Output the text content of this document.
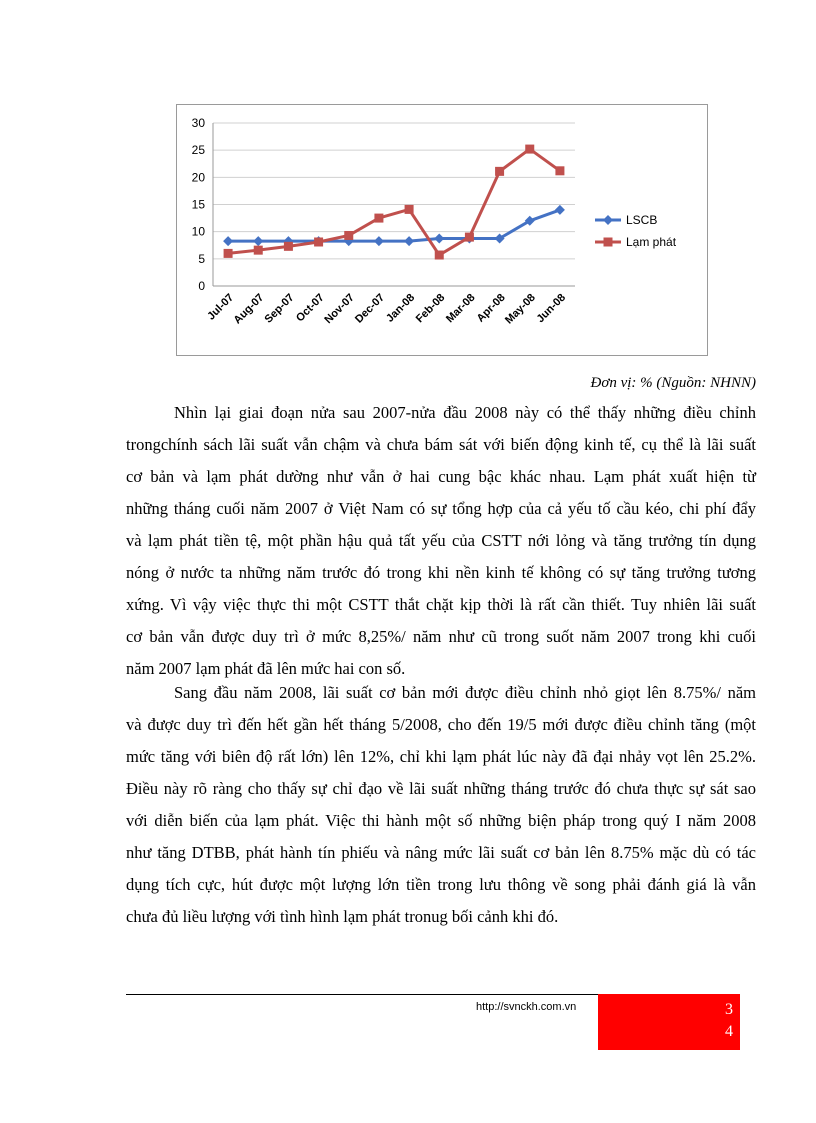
0
5
10
15
20
25
30
Jul-07
Aug-07
Sep-07
Oct-07
Nov-07
Dec-07
Jan-08
Feb-08
Mar-08
Apr-08
May-08
Jun-08
LSCB
Lạm phát
Đơn vị: % (Nguồn: NHNN)

Nhìn lại giai đoạn nửa sau 2007-nửa đầu 2008 này có thể thấy những điều chỉnh
trongchính sách lãi suất vẫn chậm và chưa bám sát với biến động kinh tế, cụ thể là lãi suất
cơ bản và lạm phát dường như vẫn ở hai cung bậc khác nhau. Lạm phát xuất hiện từ
những tháng cuối năm 2007 ở Việt Nam có sự tổng hợp của cả yếu tố cầu kéo, chi phí đẩy
và lạm phát tiền tệ, một phần hậu quả tất yếu của CSTT nới lỏng và tăng trưởng tín dụng
nóng ở nước ta những năm trước đó trong khi nền kinh tế không có sự tăng trưởng tương
xứng. Vì vậy việc thực thi một CSTT thắt chặt kịp thời là rất cần thiết. Tuy nhiên lãi suất
cơ bản vẫn được duy trì ở mức 8,25%/ năm như cũ trong suốt năm 2007 trong khi cuối
năm 2007 lạm phát đã lên mức hai con số.

Sang đầu năm 2008, lãi suất cơ bản mới được điều chỉnh nhỏ giọt lên 8.75%/ năm
và được duy trì đến hết gần hết tháng 5/2008, cho đến 19/5 mới được điều chỉnh tăng (một
mức tăng với biên độ rất lớn) lên 12%, chỉ khi lạm phát lúc này đã đại nhảy vọt lên 25.2%.
Điều này rõ ràng cho thấy sự chỉ đạo về lãi suất những tháng trước đó chưa thực sự sát sao
với diễn biến của lạm phát. Việc thi hành một số những biện pháp trong quý I năm 2008
như tăng DTBB, phát hành tín phiếu và nâng mức lãi suất cơ bản lên 8.75% mặc dù có tác
dụng tích cực, hút được một lượng lớn tiền trong lưu thông về song phải đánh giá là vẫn
chưa đủ liều lượng với tình hình lạm phát tronug bối cảnh khi đó.

http://svnckh.com.vn	3
4
